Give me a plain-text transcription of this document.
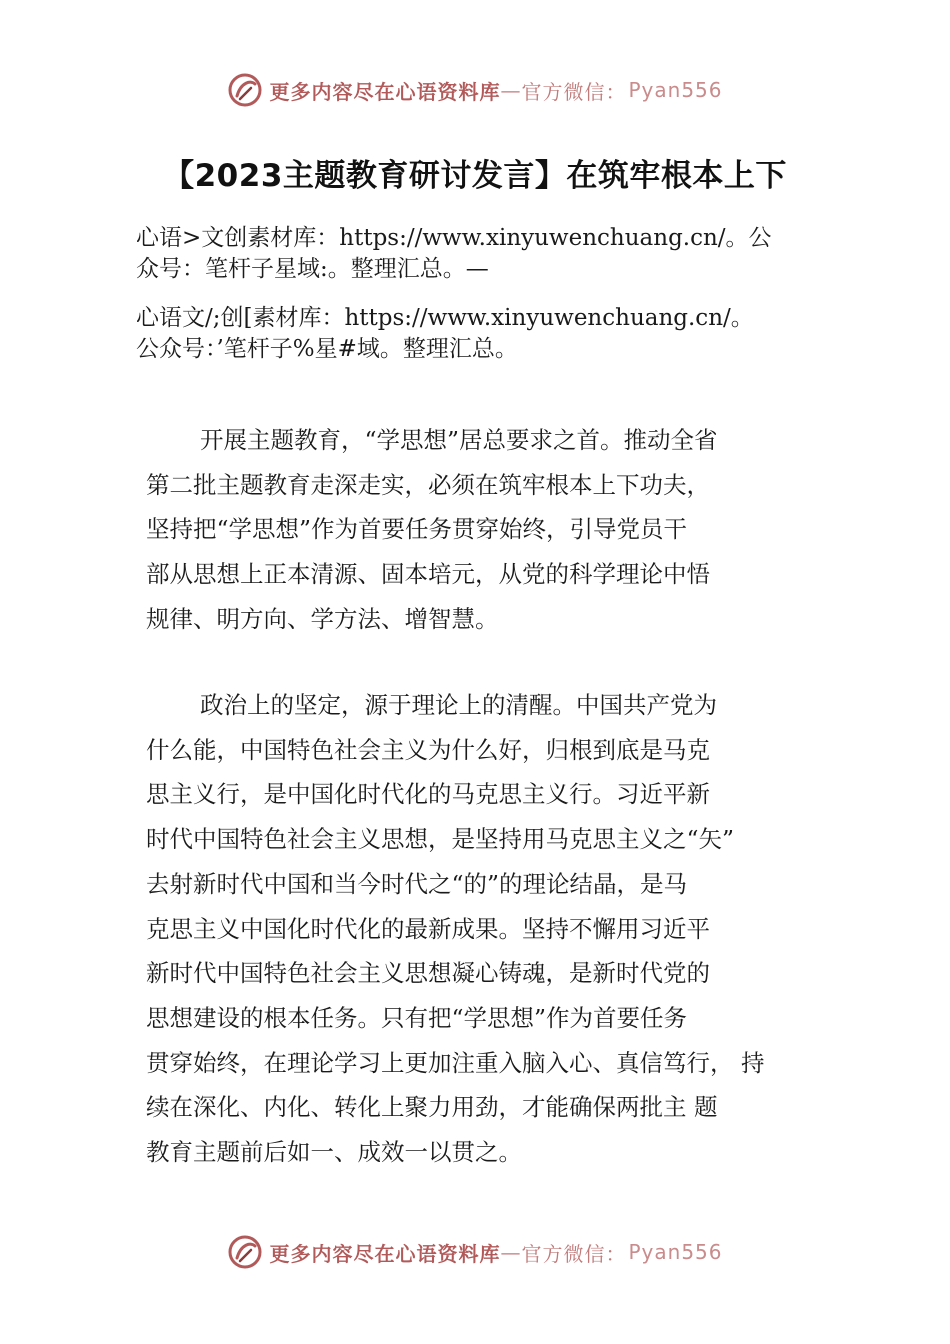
更多内容尽在心语资料库 — 官方微信： Pyan556
【2023主题教育研讨发言】在筑牢根本上下
心语>文创素材库：https://www.xinyuwenchuang.cn/。公
众号：笔杆子星域:。整理汇总。—
心语文/;创[素材库：https://www.xinyuwenchuang.cn/。
公众号：’笔杆子%星#域。整理汇总。
开展主题教育，“学思想”居总要求之首。推动全省
第二批主题教育走深走实，必须在筑牢根本上下功夫，
坚持把“学思想”作为首要任务贯穿始终，引导党员干
部从思想上正本清源、固本培元，从党的科学理论中悟
规律、明方向、学方法、增智慧。
政治上的坚定，源于理论上的清醒。中国共产党为
什么能，中国特色社会主义为什么好，归根到底是马克
思主义行，是中国化时代化的马克思主义行。习近平新
时代中国特色社会主义思想，是坚持用马克思主义之“矢”
去射新时代中国和当今时代之“的”的理论结晶，是马
克思主义中国化时代化的最新成果。坚持不懈用习近平
新时代中国特色社会主义思想凝心铸魂，是新时代党的
思想建设的根本任务。只有把“学思想”作为首要任务
贯穿始终，在理论学习上更加注重入脑入心、真信笃行， 持
续在深化、内化、转化上聚力用劲，才能确保两批主 题
教育主题前后如一、成效一以贯之。
更多内容尽在心语资料库 — 官方微信： Pyan556
